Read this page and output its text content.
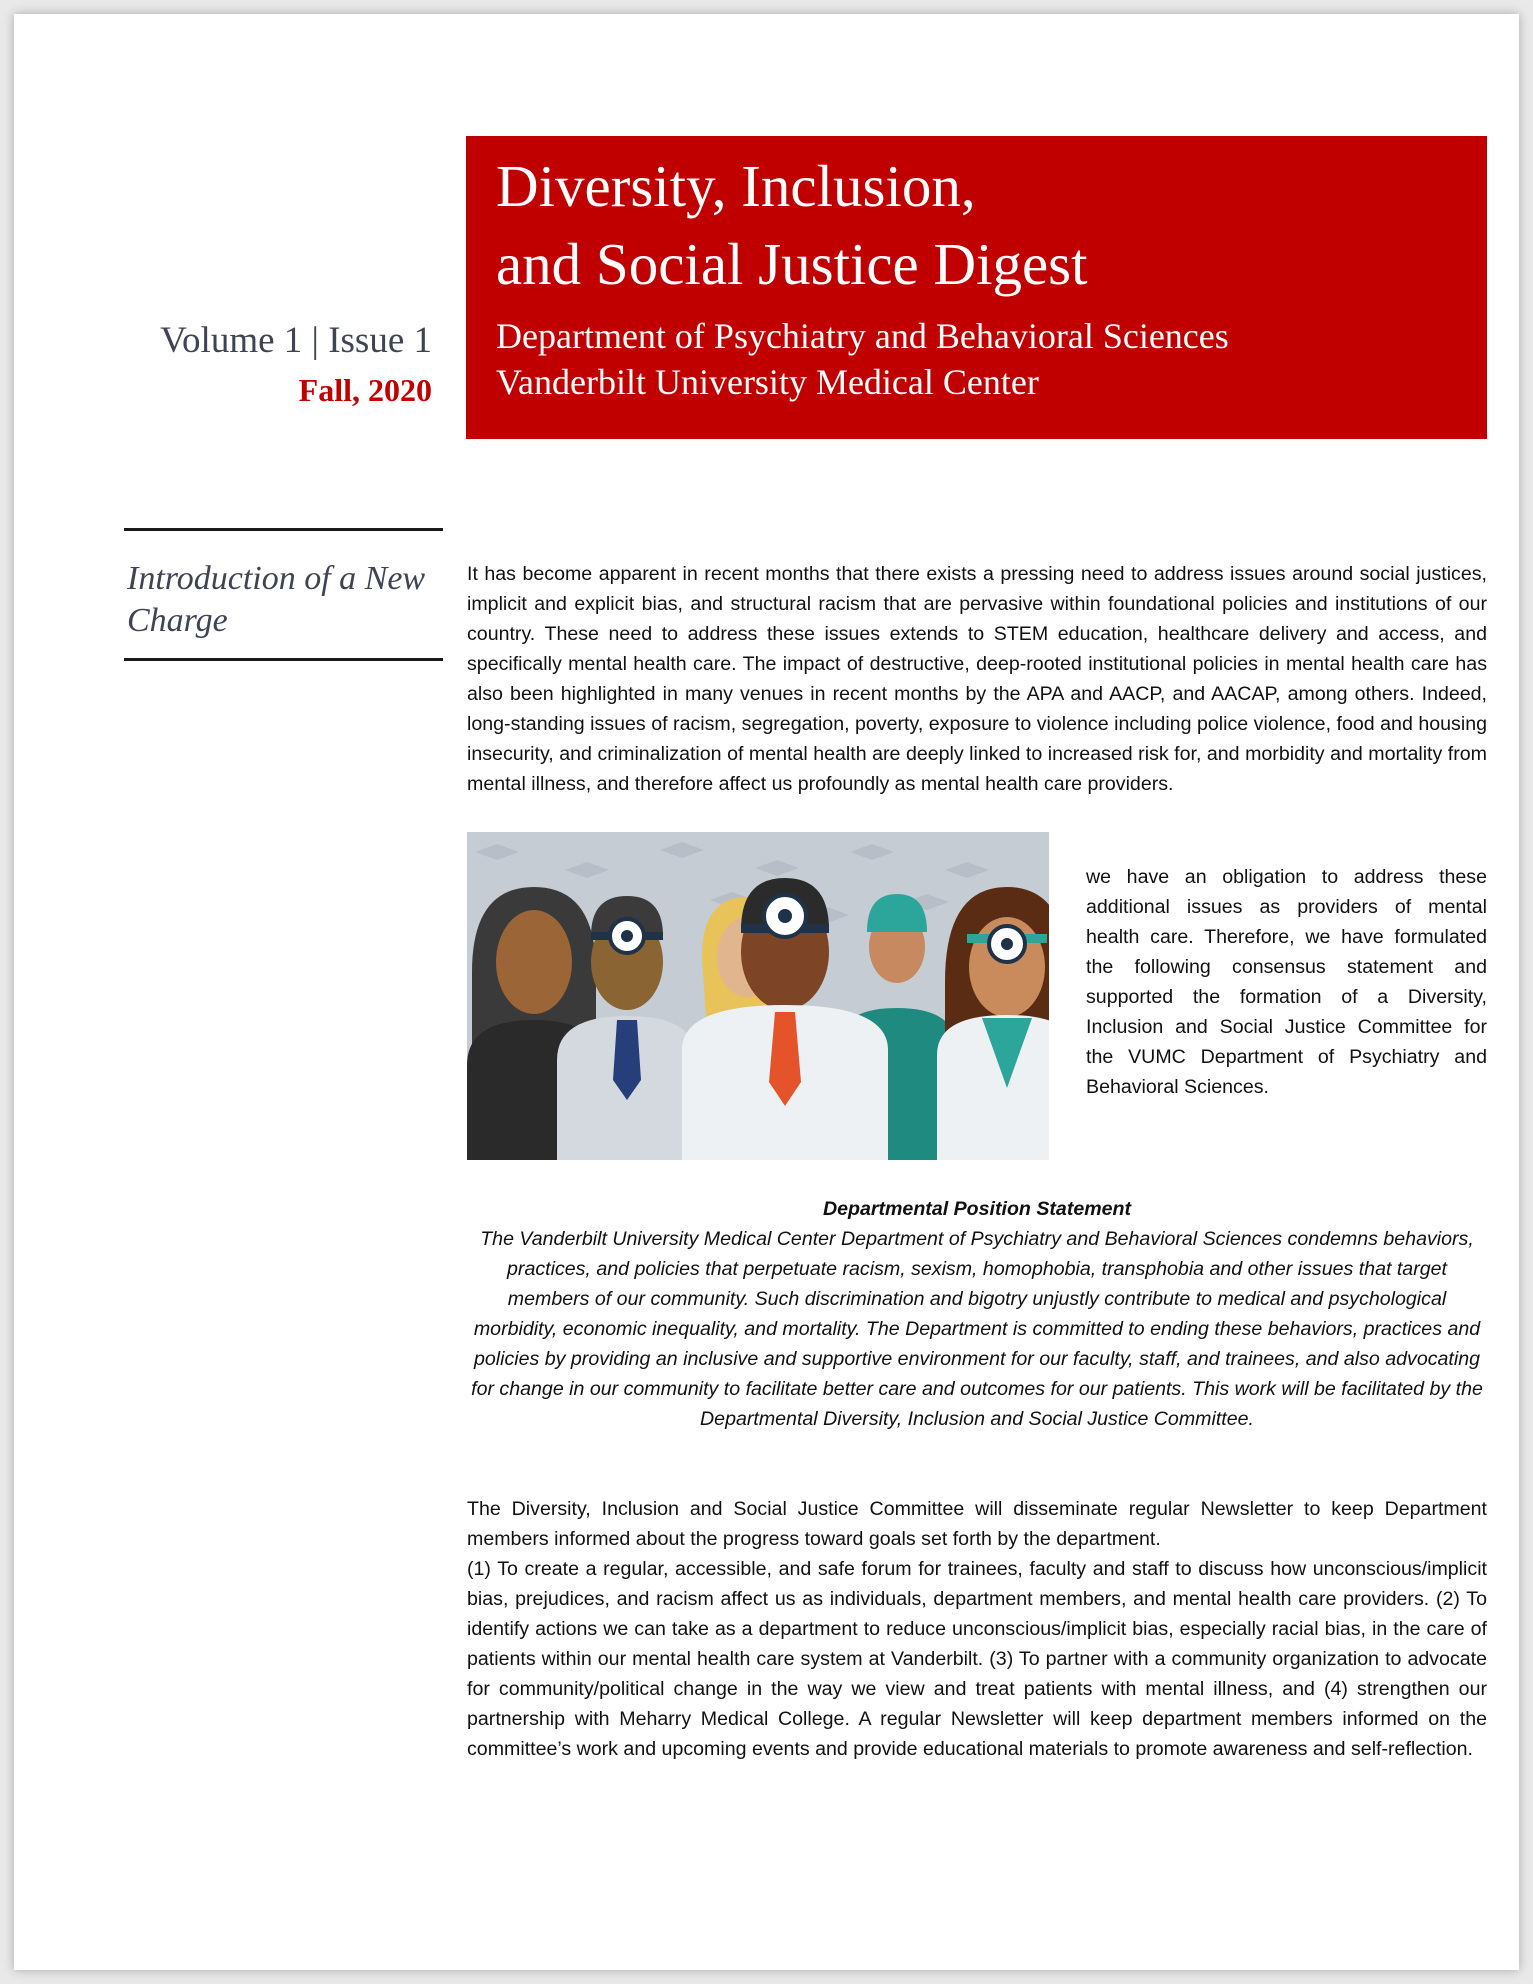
Diversity, Inclusion,
and Social Justice Digest
Department of Psychiatry and Behavioral Sciences
Vanderbilt University Medical Center
Volume 1 | Issue 1
Fall, 2020
Introduction of a New Charge
It has become apparent in recent months that there exists a pressing need to address issues around social justices, implicit and explicit bias, and structural racism that are pervasive within foundational policies and institutions of our country. These need to address these issues extends to STEM education, healthcare delivery and access, and specifically mental health care. The impact of destructive, deep-rooted institutional policies in mental health care has also been highlighted in many venues in recent months by the APA and AACP, and AACAP, among others. Indeed, long-standing issues of racism, segregation, poverty, exposure to violence including police violence, food and housing insecurity, and criminalization of mental health are deeply linked to increased risk for, and morbidity and mortality from mental illness, and therefore affect us profoundly as mental health care providers.
we have an obligation to address these additional issues as providers of mental health care. Therefore, we have formulated the following consensus statement and supported the formation of a Diversity, Inclusion and Social Justice Committee for the VUMC Department of Psychiatry and Behavioral Sciences.
Departmental Position Statement
The Vanderbilt University Medical Center Department of Psychiatry and Behavioral Sciences condemns behaviors, practices, and policies that perpetuate racism, sexism, homophobia, transphobia and other issues that target members of our community. Such discrimination and bigotry unjustly contribute to medical and psychological morbidity, economic inequality, and mortality. The Department is committed to ending these behaviors, practices and policies by providing an inclusive and supportive environment for our faculty, staff, and trainees, and also advocating for change in our community to facilitate better care and outcomes for our patients. This work will be facilitated by the Departmental Diversity, Inclusion and Social Justice Committee.
The Diversity, Inclusion and Social Justice Committee will disseminate regular Newsletter to keep Department members informed about the progress toward goals set forth by the department.
(1) To create a regular, accessible, and safe forum for trainees, faculty and staff to discuss how unconscious/implicit bias, prejudices, and racism affect us as individuals, department members, and mental health care providers. (2) To identify actions we can take as a department to reduce unconscious/implicit bias, especially racial bias, in the care of patients within our mental health care system at Vanderbilt. (3) To partner with a community organization to advocate for community/political change in the way we view and treat patients with mental illness, and (4) strengthen our partnership with Meharry Medical College. A regular Newsletter will keep department members informed on the committee’s work and upcoming events and provide educational materials to promote awareness and self-reflection.
